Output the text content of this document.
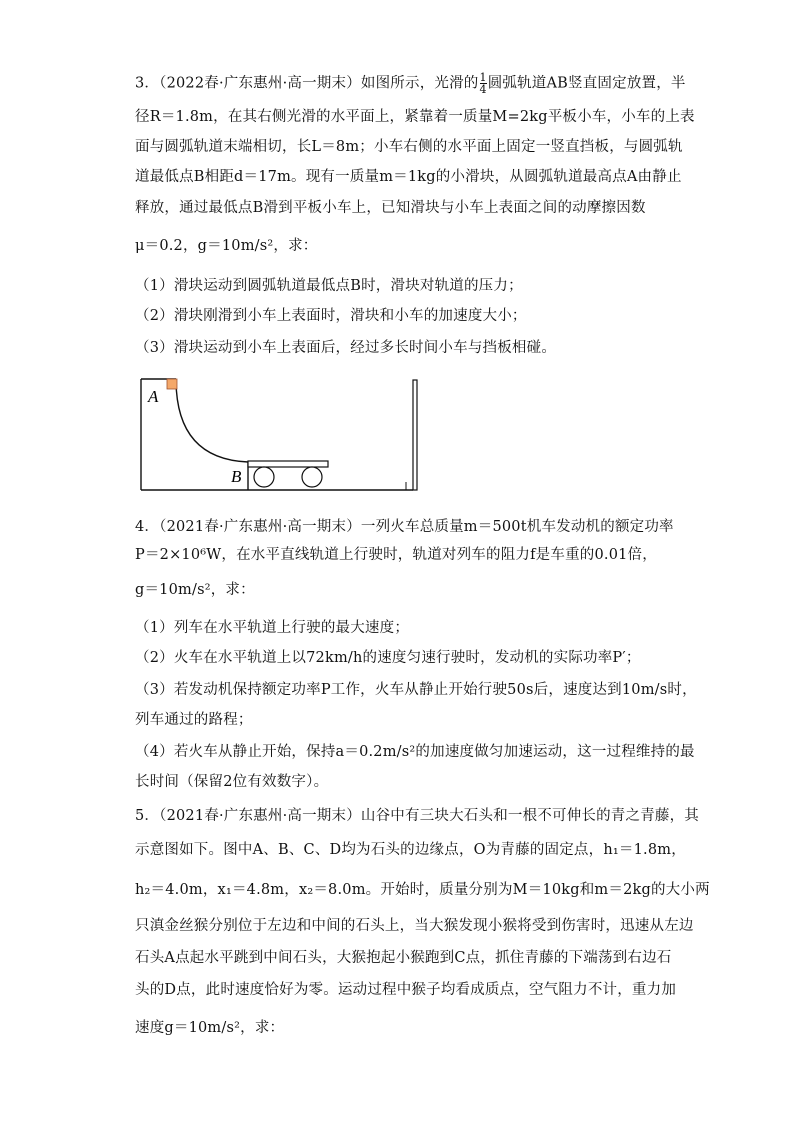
3．（2022春·广东惠州·高一期末）如图所示，光滑的 $\frac{1}{4}$ 圆弧轨道AB竖直固定放置，半
径R＝1.8m，在其右侧光滑的水平面上，紧靠着一质量M=2kg平板小车，小车的上表
面与圆弧轨道末端相切，长L＝8m；小车右侧的水平面上固定一竖直挡板，与圆弧轨
道最低点B相距d＝17m。现有一质量m＝1kg的小滑块，从圆弧轨道最高点A由静止
释放，通过最低点B滑到平板小车上，已知滑块与小车上表面之间的动摩擦因数
μ＝0.2，g＝10m/s²，求：
（1）滑块运动到圆弧轨道最低点B时，滑块对轨道的压力；
（2）滑块刚滑到小车上表面时，滑块和小车的加速度大小；
（3）滑块运动到小车上表面后，经过多长时间小车与挡板相碰。
A
B
4．（2021春·广东惠州·高一期末）一列火车总质量m＝500t机车发动机的额定功率
P＝2×10⁶W，在水平直线轨道上行驶时，轨道对列车的阻力f是车重的0.01倍，
g＝10m/s²，求：
（1）列车在水平轨道上行驶的最大速度；
（2）火车在水平轨道上以72km/h的速度匀速行驶时，发动机的实际功率P′；
（3）若发动机保持额定功率P工作，火车从静止开始行驶50s后，速度达到10m/s时，
列车通过的路程；
（4）若火车从静止开始，保持a＝0.2m/s²的加速度做匀加速运动，这一过程维持的最
长时间（保留2位有效数字）。
5．（2021春·广东惠州·高一期末）山谷中有三块大石头和一根不可伸长的青之青藤，其
示意图如下。图中A、B、C、D均为石头的边缘点，O为青藤的固定点，h₁＝1.8m，
h₂＝4.0m，x₁＝4.8m，x₂＝8.0m。开始时，质量分别为M＝10kg和m＝2kg的大小两
只滇金丝猴分别位于左边和中间的石头上，当大猴发现小猴将受到伤害时，迅速从左边
石头A点起水平跳到中间石头，大猴抱起小猴跑到C点，抓住青藤的下端荡到右边石
头的D点，此时速度恰好为零。运动过程中猴子均看成质点，空气阻力不计，重力加
速度g＝10m/s²，求：
